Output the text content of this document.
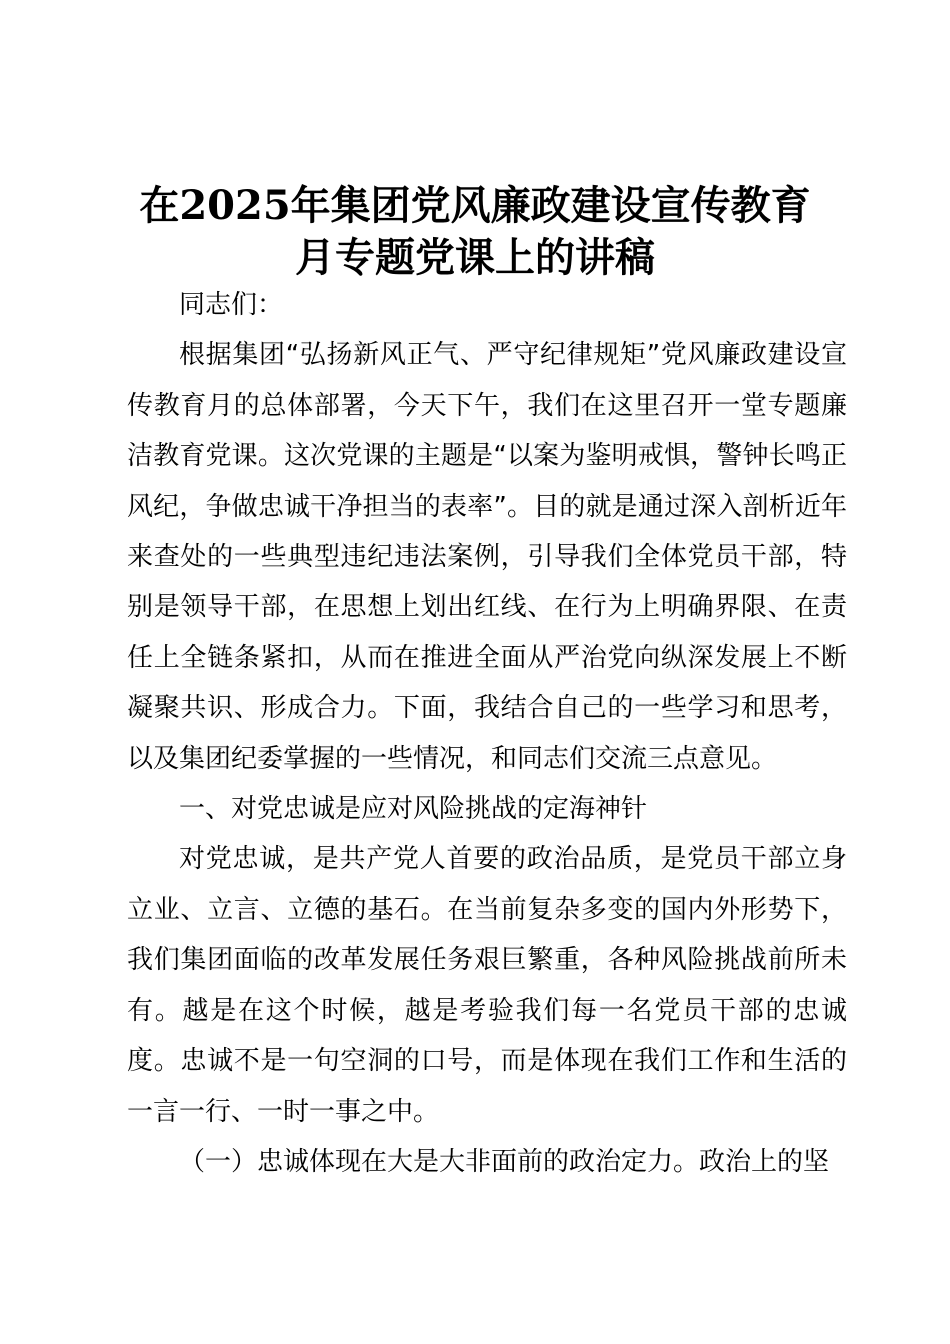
在2025年集团党风廉政建设宣传教育
月专题党课上的讲稿

同志们：

根据集团“弘扬新风正气、严守纪律规矩”党风廉政建设宣传教育月的总体部署，今天下午，我们在这里召开一堂专题廉洁教育党课。这次党课的主题是“以案为鉴明戒惧，警钟长鸣正风纪，争做忠诚干净担当的表率”。目的就是通过深入剖析近年来查处的一些典型违纪违法案例，引导我们全体党员干部，特别是领导干部，在思想上划出红线、在行为上明确界限、在责任上全链条紧扣，从而在推进全面从严治党向纵深发展上不断凝聚共识、形成合力。下面，我结合自己的一些学习和思考，以及集团纪委掌握的一些情况，和同志们交流三点意见。

一、对党忠诚是应对风险挑战的定海神针

对党忠诚，是共产党人首要的政治品质，是党员干部立身立业、立言、立德的基石。在当前复杂多变的国内外形势下，我们集团面临的改革发展任务艰巨繁重，各种风险挑战前所未有。越是在这个时候，越是考验我们每一名党员干部的忠诚度。忠诚不是一句空洞的口号，而是体现在我们工作和生活的一言一行、一时一事之中。

（一）忠诚体现在大是大非面前的政治定力。政治上的坚
